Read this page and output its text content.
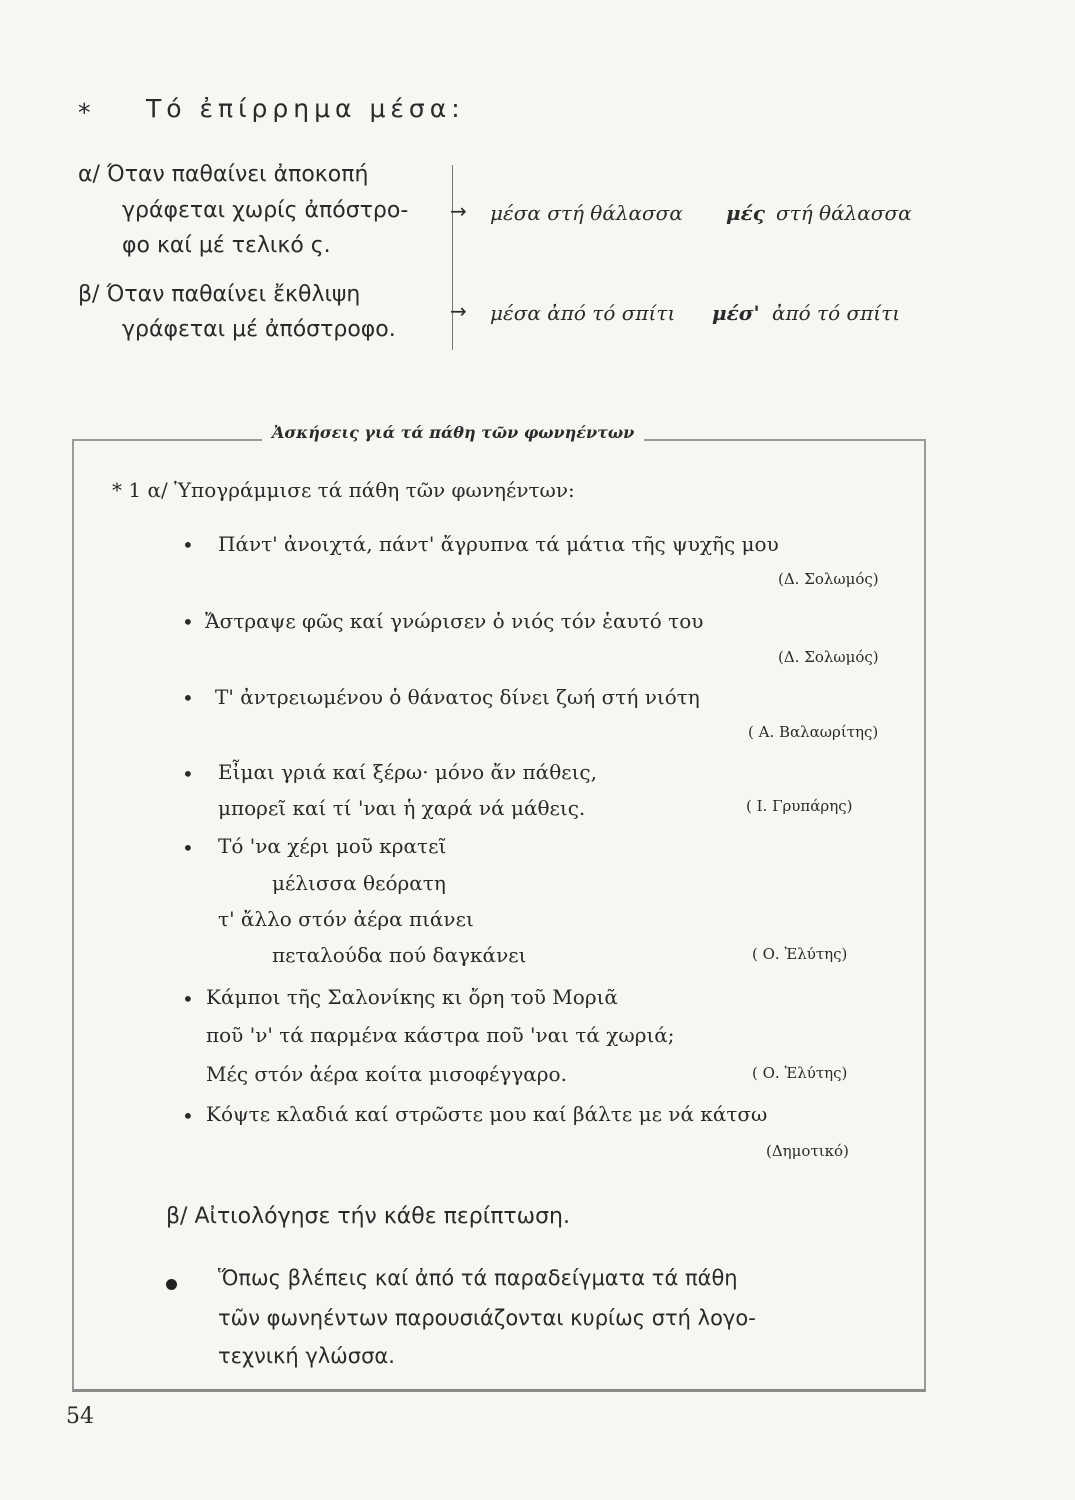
* Τό ἐπίρρημα μέσα:
α/ Όταν παθαίνει ἀποκοπή
γράφεται χωρίς ἀπόστρο-
φο καί μέ τελικό ς.
→ μέσα στή θάλασσα μές στή θάλασσα
β/ Όταν παθαίνει ἔκθλιψη
γράφεται μέ ἀπόστροφο.
→ μέσα ἀπό τό σπίτι μέσ' ἀπό τό σπίτι
Ἀσκήσεις γιά τά πάθη τῶν φωνηέντων
* 1 α/ Ὑπογράμμισε τά πάθη τῶν φωνηέντων:
• Πάντ' ἀνοιχτά, πάντ' ἄγρυπνα τά μάτια τῆς ψυχῆς μου
(Δ. Σολωμός)
• Ἄστραψε φῶς καί γνώρισεν ὁ νιός τόν ἑαυτό του
(Δ. Σολωμός)
• Τ' ἀντρειωμένου ὁ θάνατος δίνει ζωή στή νιότη
( Α. Βαλαωρίτης)
• Εἶμαι γριά καί ξέρω· μόνο ἄν πάθεις,
μπορεῖ καί τί 'ναι ἡ χαρά νά μάθεις.	( Ι. Γρυπάρης)
• Τό 'να χέρι μοῦ κρατεῖ
μέλισσα θεόρατη
τ' ἄλλο στόν ἀέρα πιάνει
πεταλούδα πού δαγκάνει	( Ο. Ἐλύτης)
• Κάμποι τῆς Σαλονίκης κι ὄρη τοῦ Μοριᾶ
ποῦ 'ν' τά παρμένα κάστρα ποῦ 'ναι τά χωριά;
Μές στόν ἀέρα κοίτα μισοφέγγαρο.	( Ο. Ἐλύτης)
• Κόψτε κλαδιά καί στρῶστε μου καί βάλτε με νά κάτσω
(Δημοτικό)
β/ Αἰτιολόγησε τήν κάθε περίπτωση.
Ὅπως βλέπεις καί ἀπό τά παραδείγματα τά πάθη
τῶν φωνηέντων παρουσιάζονται κυρίως στή λογο-
τεχνική γλώσσα.
54
